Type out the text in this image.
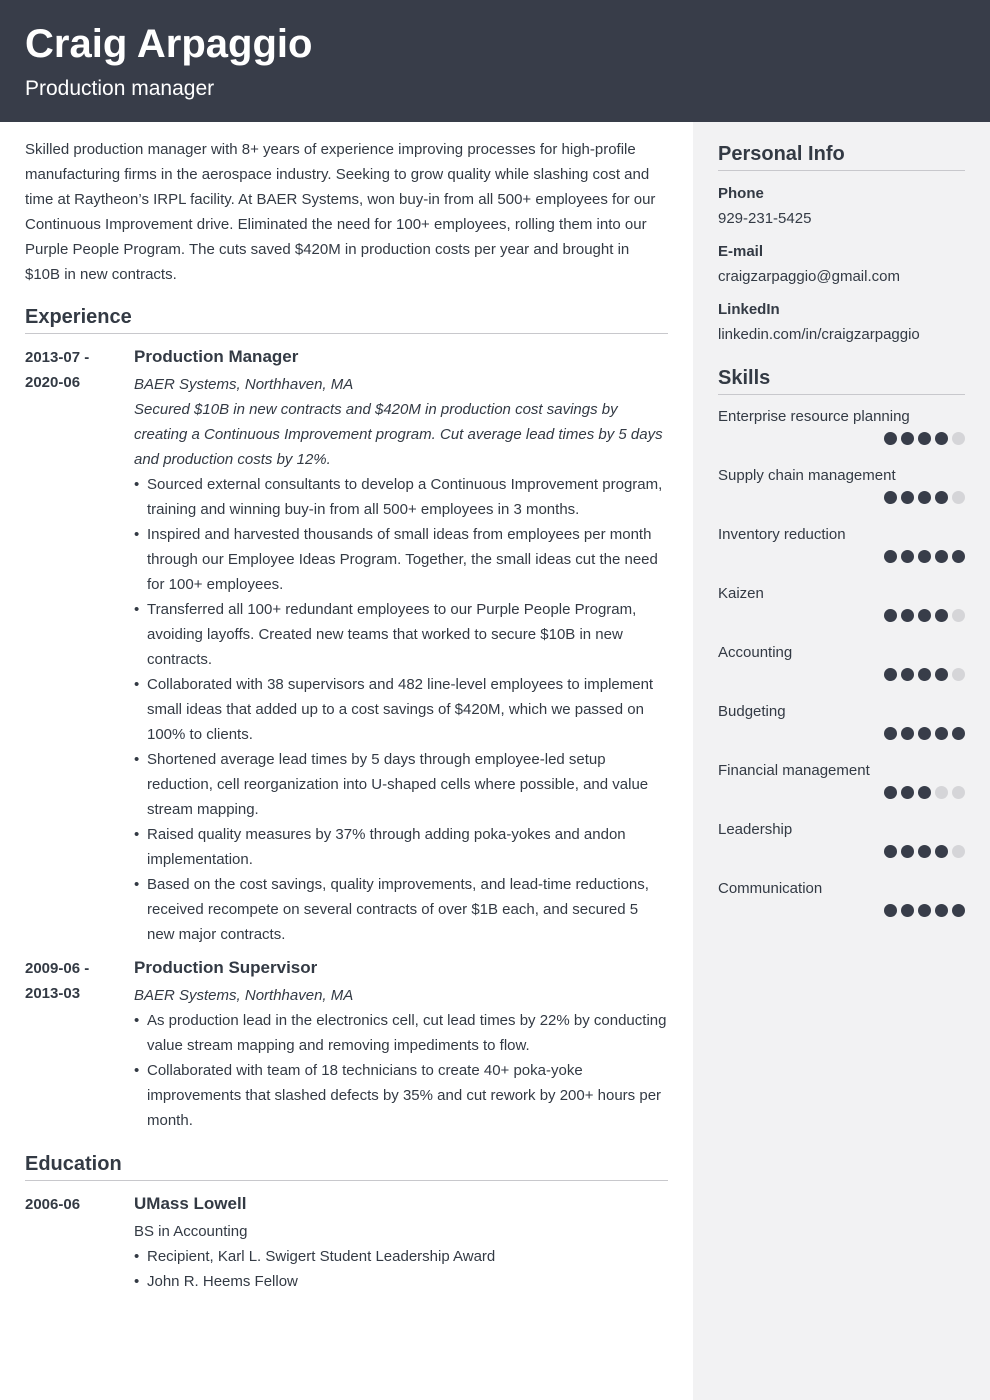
Craig Arpaggio
Production manager

Skilled production manager with 8+ years of experience improving processes for high-profile manufacturing firms in the aerospace industry. Seeking to grow quality while slashing cost and time at Raytheon’s IRPL facility. At BAER Systems, won buy-in from all 500+ employees for our Continuous Improvement drive. Eliminated the need for 100+ employees, rolling them into our Purple People Program. The cuts saved $420M in production costs per year and brought in $10B in new contracts.

Experience
2013-07 -
2020-06
Production Manager
BAER Systems, Northhaven, MA
Secured $10B in new contracts and $420M in production cost savings by creating a Continuous Improvement program. Cut average lead times by 5 days and production costs by 12%.
• Sourced external consultants to develop a Continuous Improvement program, training and winning buy-in from all 500+ employees in 3 months.
• Inspired and harvested thousands of small ideas from employees per month through our Employee Ideas Program. Together, the small ideas cut the need for 100+ employees.
• Transferred all 100+ redundant employees to our Purple People Program, avoiding layoffs. Created new teams that worked to secure $10B in new contracts.
• Collaborated with 38 supervisors and 482 line-level employees to implement small ideas that added up to a cost savings of $420M, which we passed on 100% to clients.
• Shortened average lead times by 5 days through employee-led setup reduction, cell reorganization into U-shaped cells where possible, and value stream mapping.
• Raised quality measures by 37% through adding poka-yokes and andon implementation.
• Based on the cost savings, quality improvements, and lead-time reductions, received recompete on several contracts of over $1B each, and secured 5 new major contracts.
2009-06 -
2013-03
Production Supervisor
BAER Systems, Northhaven, MA
• As production lead in the electronics cell, cut lead times by 22% by conducting value stream mapping and removing impediments to flow.
• Collaborated with team of 18 technicians to create 40+ poka-yoke improvements that slashed defects by 35% and cut rework by 200+ hours per month.
Education
2006-06	UMass Lowell
BS in Accounting
• Recipient, Karl L. Swigert Student Leadership Award
• John R. Heems Fellow
Personal Info
Phone
929-231-5425
E-mail
craigzarpaggio@gmail.com
LinkedIn
linkedin.com/in/craigzarpaggio
Skills
Enterprise resource planning
Supply chain management
Inventory reduction
Kaizen
Accounting
Budgeting
Financial management
Leadership
Communication
